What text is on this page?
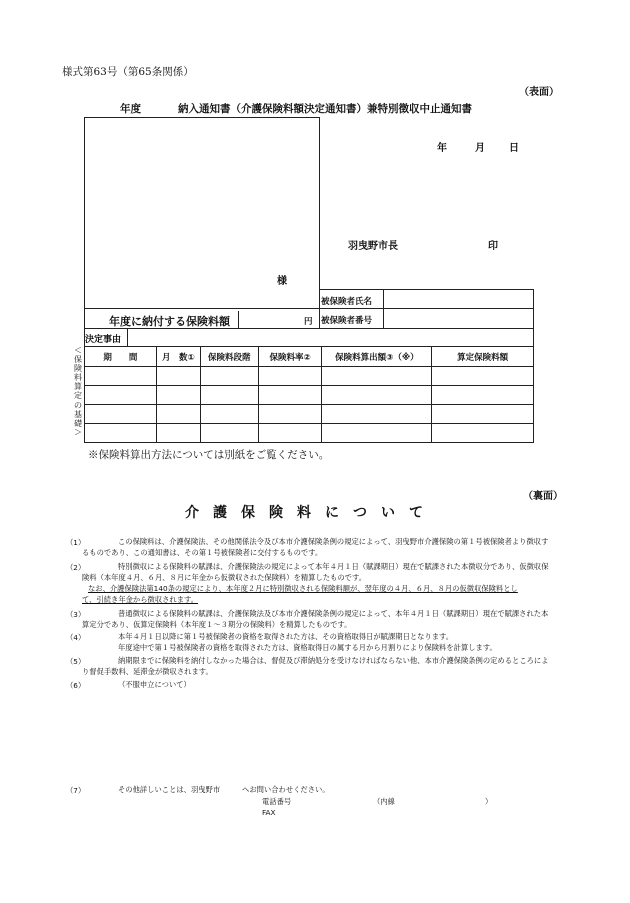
様式第63号（第65条関係）
（表面）
年度	納入通知書（介護保険料額決定通知書）兼特別徴収中止通知書
年	月 日
羽曳野市長	印
様
被保険者氏名
被保険者番号
年度に納付する保険料額	円
決定事由
＜保険料算定の基礎＞
期　　間	月　数①	保険料段階	保険料率②	保険料算出額③（※）	算定保険料額

※保険料算出方法については別紙をご覧ください。
（裏面）
介　護　保　険　料　に　つ　い　て
（1）	この保険料は、介護保険法、その他関係法令及び本市介護保険条例の規定によって、羽曳野市介護保険の第１号被保険者より徴収す
るものであり、この通知書は、その第１号被保険者に交付するものです。
（2）	特別徴収による保険料の賦課は、介護保険法の規定によって本年４月１日（賦課期日）現在で賦課された本徴収分であり、仮徴収保
険料（本年度４月、６月、８月に年金から仮徴収された保険料）を精算したものです。
なお、介護保険法第140条の規定により、本年度２月に特別徴収される保険料額が、翌年度の４月、６月、８月の仮徴収保険料とし
て、引続き年金から徴収されます。
（3）	普通徴収による保険料の賦課は、介護保険法及び本市介護保険条例の規定によって、本年４月１日（賦課期日）現在で賦課された本
算定分であり、仮算定保険料（本年度１～３期分の保険料）を精算したものです。
（4）	本年４月１日以降に第１号被保険者の資格を取得された方は、その資格取得日が賦課期日となります。
年度途中で第１号被保険者の資格を取得された方は、資格取得日の属する月から月割りにより保険料を計算します。
（5）	納期限までに保険料を納付しなかった場合は、督促及び滞納処分を受けなければならない他、本市介護保険条例の定めるところによ
り督促手数料、延滞金が徴収されます。
（6）	（不服申立について）
（7）	その他詳しいことは、羽曳野市　　　へお問い合わせください。
電話番号	（内線	）
FAX
